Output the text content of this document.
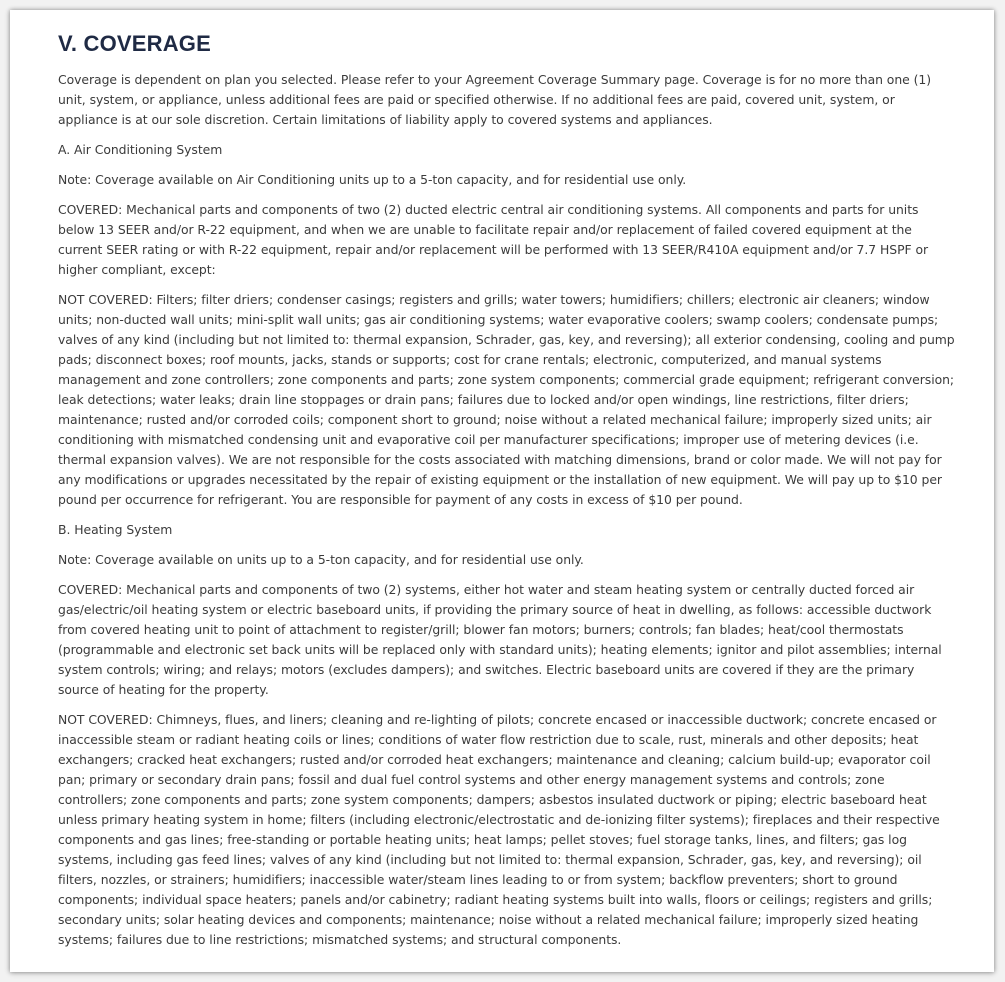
V. COVERAGE

Coverage is dependent on plan you selected. Please refer to your Agreement Coverage Summary page. Coverage is for no more than one (1) unit, system, or appliance, unless additional fees are paid or specified otherwise. If no additional fees are paid, covered unit, system, or appliance is at our sole discretion. Certain limitations of liability apply to covered systems and appliances.

A. Air Conditioning System

Note: Coverage available on Air Conditioning units up to a 5-ton capacity, and for residential use only.

COVERED: Mechanical parts and components of two (2) ducted electric central air conditioning systems. All components and parts for units below 13 SEER and/or R-22 equipment, and when we are unable to facilitate repair and/or replacement of failed covered equipment at the current SEER rating or with R-22 equipment, repair and/or replacement will be performed with 13 SEER/R410A equipment and/or 7.7 HSPF or higher compliant, except:

NOT COVERED: Filters; filter driers; condenser casings; registers and grills; water towers; humidifiers; chillers; electronic air cleaners; window units; non-ducted wall units; mini-split wall units; gas air conditioning systems; water evaporative coolers; swamp coolers; condensate pumps; valves of any kind (including but not limited to: thermal expansion, Schrader, gas, key, and reversing); all exterior condensing, cooling and pump pads; disconnect boxes; roof mounts, jacks, stands or supports; cost for crane rentals; electronic, computerized, and manual systems management and zone controllers; zone components and parts; zone system components; commercial grade equipment; refrigerant conversion; leak detections; water leaks; drain line stoppages or drain pans; failures due to locked and/or open windings, line restrictions, filter driers; maintenance; rusted and/or corroded coils; component short to ground; noise without a related mechanical failure; improperly sized units; air conditioning with mismatched condensing unit and evaporative coil per manufacturer specifications; improper use of metering devices (i.e. thermal expansion valves). We are not responsible for the costs associated with matching dimensions, brand or color made. We will not pay for any modifications or upgrades necessitated by the repair of existing equipment or the installation of new equipment. We will pay up to $10 per pound per occurrence for refrigerant. You are responsible for payment of any costs in excess of $10 per pound.

B. Heating System

Note: Coverage available on units up to a 5-ton capacity, and for residential use only.

COVERED: Mechanical parts and components of two (2) systems, either hot water and steam heating system or centrally ducted forced air gas/electric/oil heating system or electric baseboard units, if providing the primary source of heat in dwelling, as follows: accessible ductwork from covered heating unit to point of attachment to register/grill; blower fan motors; burners; controls; fan blades; heat/cool thermostats (programmable and electronic set back units will be replaced only with standard units); heating elements; ignitor and pilot assemblies; internal system controls; wiring; and relays; motors (excludes dampers); and switches. Electric baseboard units are covered if they are the primary source of heating for the property.

NOT COVERED: Chimneys, flues, and liners; cleaning and re-lighting of pilots; concrete encased or inaccessible ductwork; concrete encased or inaccessible steam or radiant heating coils or lines; conditions of water flow restriction due to scale, rust, minerals and other deposits; heat exchangers; cracked heat exchangers; rusted and/or corroded heat exchangers; maintenance and cleaning; calcium build-up; evaporator coil pan; primary or secondary drain pans; fossil and dual fuel control systems and other energy management systems and controls; zone controllers; zone components and parts; zone system components; dampers; asbestos insulated ductwork or piping; electric baseboard heat unless primary heating system in home; filters (including electronic/electrostatic and de-ionizing filter systems); fireplaces and their respective components and gas lines; free-standing or portable heating units; heat lamps; pellet stoves; fuel storage tanks, lines, and filters; gas log systems, including gas feed lines; valves of any kind (including but not limited to: thermal expansion, Schrader, gas, key, and reversing); oil filters, nozzles, or strainers; humidifiers; inaccessible water/steam lines leading to or from system; backflow preventers; short to ground components; individual space heaters; panels and/or cabinetry; radiant heating systems built into walls, floors or ceilings; registers and grills; secondary units; solar heating devices and components; maintenance; noise without a related mechanical failure; improperly sized heating systems; failures due to line restrictions; mismatched systems; and structural components.
